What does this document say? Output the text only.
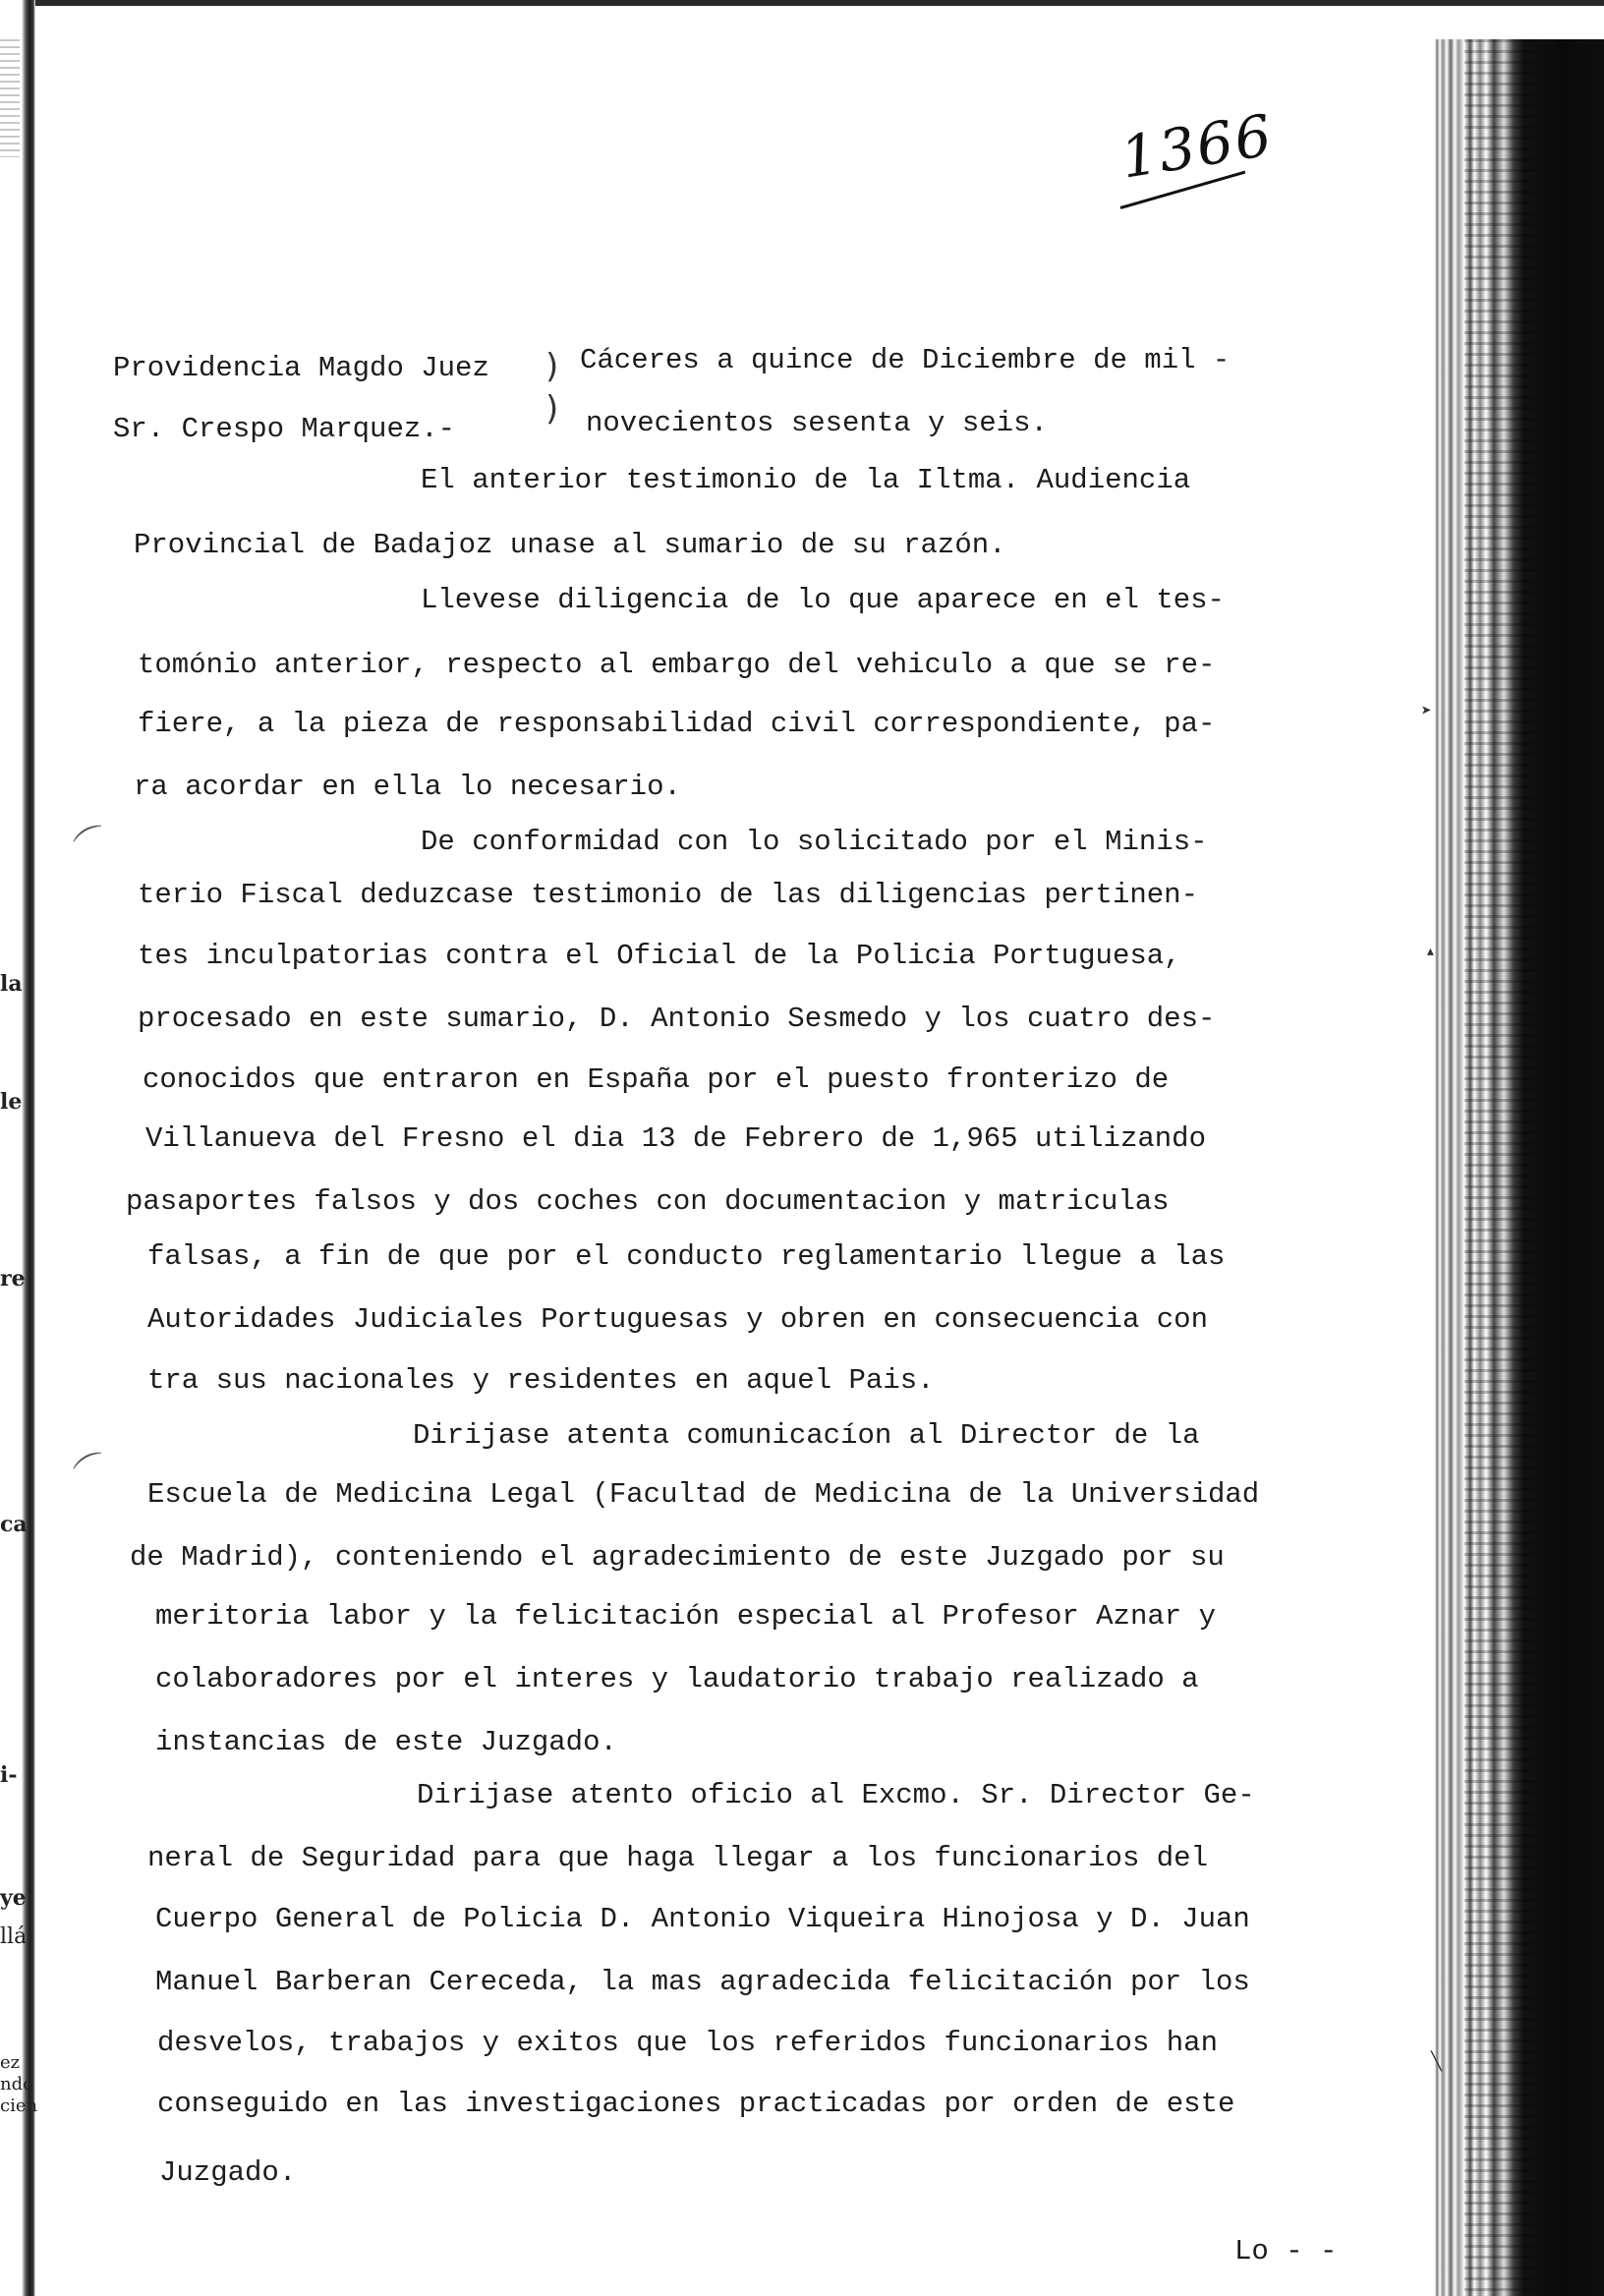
la
le
re
ca
i-
ye
llá
ez
ndo
cien
⌒
⌒
➤
▴
╲
1366
Providencia Magdo Juez
Sr. Crespo Marquez.-
)
)
Cáceres a quince de Diciembre de mil -
novecientos sesenta y seis.
El anterior testimonio de la Iltma. Audiencia
Provincial de Badajoz unase al sumario de su razón.
Llevese diligencia de lo que aparece en el tes-
tomónio anterior, respecto al embargo del vehiculo a que se re-
fiere, a la pieza de responsabilidad civil correspondiente, pa-
ra acordar en ella lo necesario.
De conformidad con lo solicitado por el Minis-
terio Fiscal deduzcase testimonio de las diligencias pertinen-
tes inculpatorias contra el Oficial de la Policia Portuguesa,
procesado en este sumario, D. Antonio Sesmedo y los cuatro des-
conocidos que entraron en España por el puesto fronterizo de
Villanueva del Fresno el dia 13 de Febrero de 1,965 utilizando
pasaportes falsos y dos coches con documentacion y matriculas
falsas, a fin de que por el conducto reglamentario llegue a las
Autoridades Judiciales Portuguesas y obren en consecuencia con
tra sus nacionales y residentes en aquel Pais.
Dirijase atenta comunicacíon al Director de la
Escuela de Medicina Legal (Facultad de Medicina de la Universidad
de Madrid), conteniendo el agradecimiento de este Juzgado por su
meritoria labor y la felicitación especial al Profesor Aznar y
colaboradores por el interes y laudatorio trabajo realizado a
instancias de este Juzgado.
Dirijase atento oficio al Excmo. Sr. Director Ge-
neral de Seguridad para que haga llegar a los funcionarios del
Cuerpo General de Policia D. Antonio Viqueira Hinojosa y D. Juan
Manuel Barberan Cereceda, la mas agradecida felicitación por los
desvelos, trabajos y exitos que los referidos funcionarios han
conseguido en las investigaciones practicadas por orden de este
Juzgado.
Lo - -
